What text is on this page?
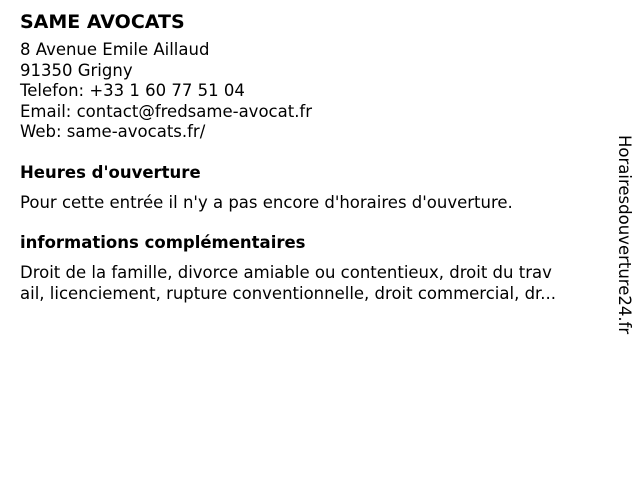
SAME AVOCATS
8 Avenue Emile Aillaud
91350 Grigny
Telefon: +33 1 60 77 51 04
Email: contact@fredsame-avocat.fr
Web: same-avocats.fr/
Heures d'ouverture
Pour cette entrée il n'y a pas encore d'horaires d'ouverture.
informations complémentaires
Droit de la famille, divorce amiable ou contentieux, droit du trav
ail, licenciement, rupture conventionnelle, droit commercial, dr...	Horairesdouverture24.fr
